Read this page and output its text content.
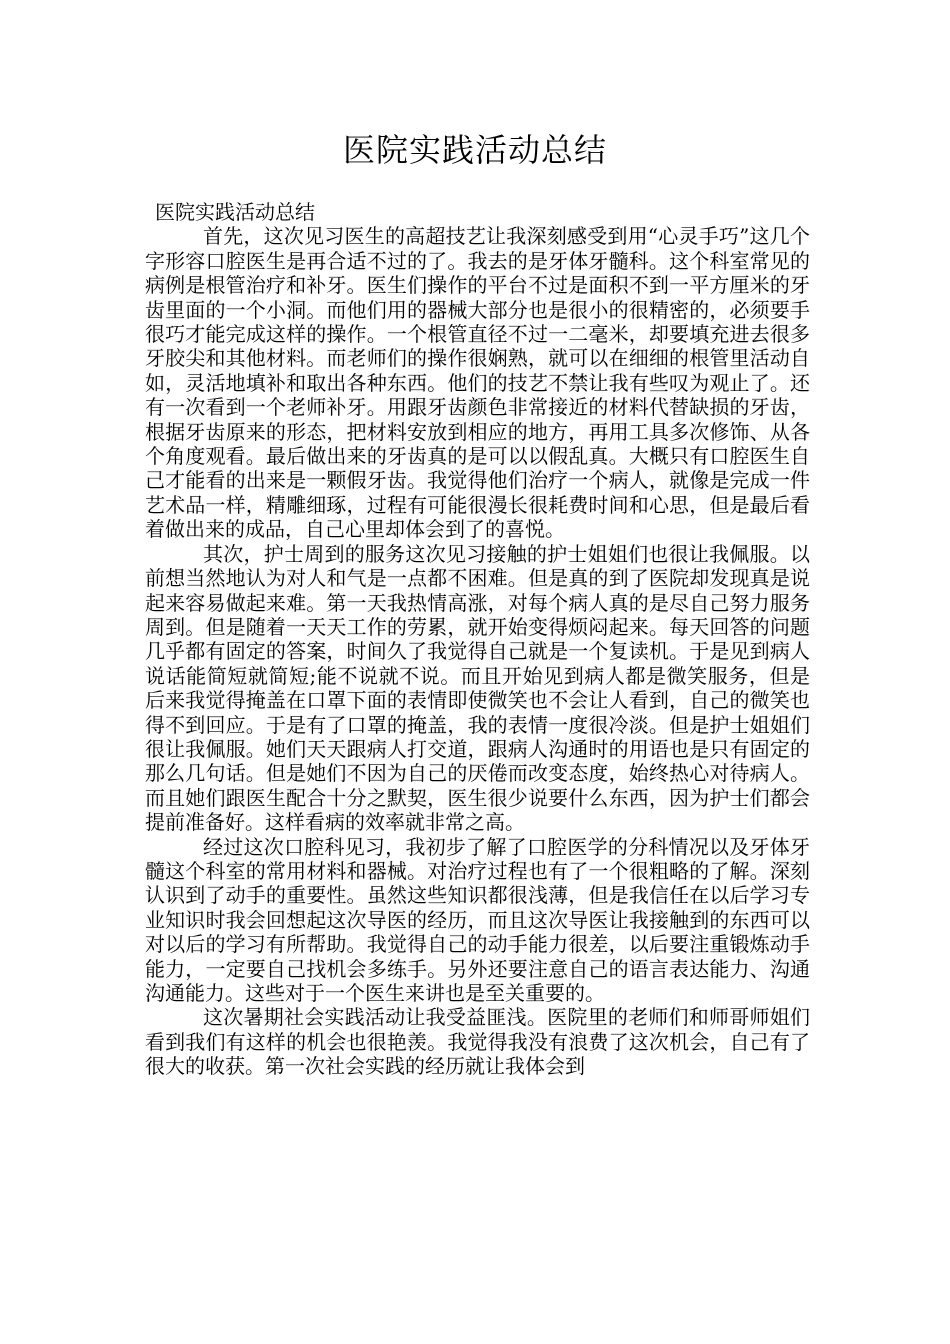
医院实践活动总结

医院实践活动总结

首先，这次见习医生的高超技艺让我深刻感受到用“心灵手巧”这几个字形容口腔医生是再合适不过的了。我去的是牙体牙髓科。这个科室常见的病例是根管治疗和补牙。医生们操作的平台不过是面积不到一平方厘米的牙齿里面的一个小洞。而他们用的器械大部分也是很小的很精密的，必须要手很巧才能完成这样的操作。一个根管直径不过一二毫米，却要填充进去很多牙胶尖和其他材料。而老师们的操作很娴熟，就可以在细细的根管里活动自如，灵活地填补和取出各种东西。他们的技艺不禁让我有些叹为观止了。还有一次看到一个老师补牙。用跟牙齿颜色非常接近的材料代替缺损的牙齿，根据牙齿原来的形态，把材料安放到相应的地方，再用工具多次修饰、从各个角度观看。最后做出来的牙齿真的是可以以假乱真。大概只有口腔医生自己才能看的出来是一颗假牙齿。我觉得他们治疗一个病人，就像是完成一件艺术品一样，精雕细琢，过程有可能很漫长很耗费时间和心思，但是最后看着做出来的成品，自己心里却体会到了的喜悦。

其次，护士周到的服务这次见习接触的护士姐姐们也很让我佩服。以前想当然地认为对人和气是一点都不困难。但是真的到了医院却发现真是说起来容易做起来难。第一天我热情高涨，对每个病人真的是尽自己努力服务周到。但是随着一天天工作的劳累，就开始变得烦闷起来。每天回答的问题几乎都有固定的答案，时间久了我觉得自己就是一个复读机。于是见到病人说话能简短就简短;能不说就不说。而且开始见到病人都是微笑服务，但是后来我觉得掩盖在口罩下面的表情即使微笑也不会让人看到，自己的微笑也得不到回应。于是有了口罩的掩盖，我的表情一度很冷淡。但是护士姐姐们很让我佩服。她们天天跟病人打交道，跟病人沟通时的用语也是只有固定的那么几句话。但是她们不因为自己的厌倦而改变态度，始终热心对待病人。而且她们跟医生配合十分之默契，医生很少说要什么东西，因为护士们都会提前准备好。这样看病的效率就非常之高。

经过这次口腔科见习，我初步了解了口腔医学的分科情况以及牙体牙髓这个科室的常用材料和器械。对治疗过程也有了一个很粗略的了解。深刻认识到了动手的重要性。虽然这些知识都很浅薄，但是我信任在以后学习专业知识时我会回想起这次导医的经历，而且这次导医让我接触到的东西可以对以后的学习有所帮助。我觉得自己的动手能力很差，以后要注重锻炼动手能力，一定要自己找机会多练手。另外还要注意自己的语言表达能力、沟通沟通能力。这些对于一个医生来讲也是至关重要的。

这次暑期社会实践活动让我受益匪浅。医院里的老师们和师哥师姐们看到我们有这样的机会也很艳羡。我觉得我没有浪费了这次机会，自己有了很大的收获。第一次社会实践的经历就让我体会到
